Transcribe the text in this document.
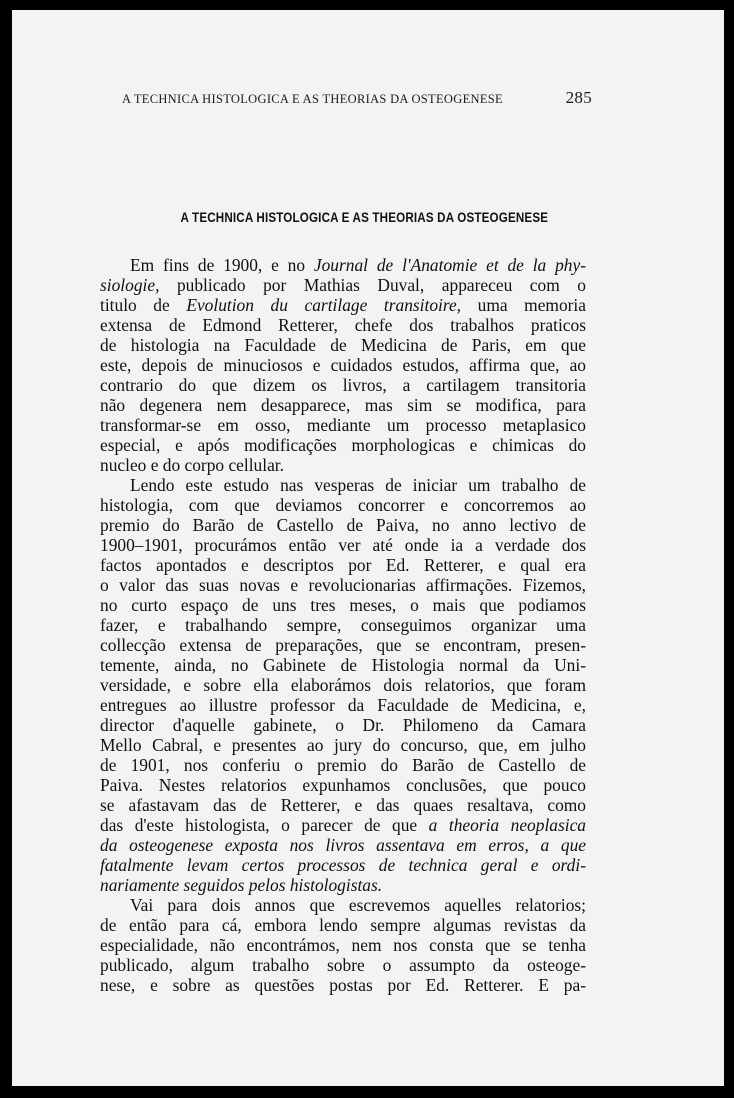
A TECHNICA HISTOLOGICA E AS THEORIAS DA OSTEOGENESE	285
A TECHNICA HISTOLOGICA E AS THEORIAS DA OSTEOGENESE
Em fins de 1900, e no Journal de l'Anatomie et de la phy-
siologie, publicado por Mathias Duval, appareceu com o
titulo de Evolution du cartilage transitoire, uma memoria
extensa de Edmond Retterer, chefe dos trabalhos praticos
de histologia na Faculdade de Medicina de Paris, em que
este, depois de minuciosos e cuidados estudos, affirma que, ao
contrario do que dizem os livros, a cartilagem transitoria
não degenera nem desapparece, mas sim se modifica, para
transformar-se em osso, mediante um processo metaplasico
especial, e após modificações morphologicas e chimicas do
nucleo e do corpo cellular.
Lendo este estudo nas vesperas de iniciar um trabalho de
histologia, com que deviamos concorrer e concorremos ao
premio do Barão de Castello de Paiva, no anno lectivo de
1900–1901, procurámos então ver até onde ia a verdade dos
factos apontados e descriptos por Ed. Retterer, e qual era
o valor das suas novas e revolucionarias affirmações. Fizemos,
no curto espaço de uns tres meses, o mais que podiamos
fazer, e trabalhando sempre, conseguimos organizar uma
collecção extensa de preparações, que se encontram, presen-
temente, ainda, no Gabinete de Histologia normal da Uni-
versidade, e sobre ella elaborámos dois relatorios, que foram
entregues ao illustre professor da Faculdade de Medicina, e,
director d'aquelle gabinete, o Dr. Philomeno da Camara
Mello Cabral, e presentes ao jury do concurso, que, em julho
de 1901, nos conferiu o premio do Barão de Castello de
Paiva. Nestes relatorios expunhamos conclusões, que pouco
se afastavam das de Retterer, e das quaes resaltava, como
das d'este histologista, o parecer de que a theoria neoplasica
da osteogenese exposta nos livros assentava em erros, a que
fatalmente levam certos processos de technica geral e ordi-
nariamente seguidos pelos histologistas.
Vai para dois annos que escrevemos aquelles relatorios;
de então para cá, embora lendo sempre algumas revistas da
especialidade, não encontrámos, nem nos consta que se tenha
publicado, algum trabalho sobre o assumpto da osteoge-
nese, e sobre as questões postas por Ed. Retterer. E pa-
